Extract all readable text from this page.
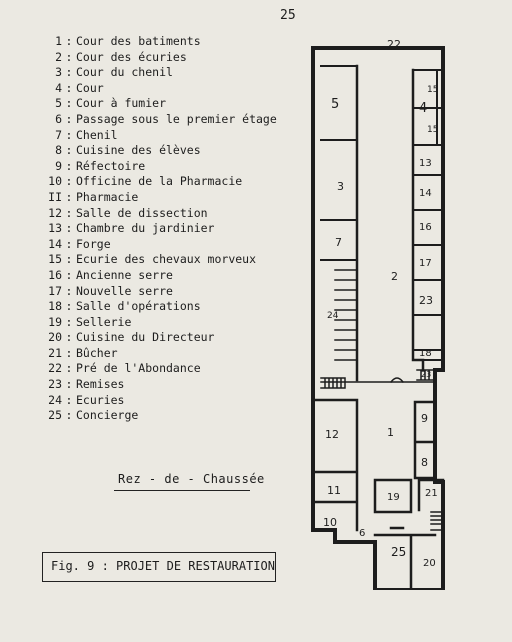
25
1 : Cour des batiments
2 : Cour des écuries
3 : Cour du chenil
4 : Cour
5 : Cour à fumier
6 : Passage sous le premier étage
7 : Chenil
8 : Cuisine des élèves
9 : Réfectoire
10 : Officine de la Pharmacie
II : Pharmacie
12 : Salle de dissection
13 : Chambre du jardinier
14 : Forge
15 : Ecurie des chevaux morveux
16 : Ancienne serre
17 : Nouvelle serre
18 : Salle d'opérations
19 : Sellerie
20 : Cuisine du Directeur
21 : Bûcher
22 : Pré de l'Abondance
23 : Remises
24 : Ecuries
25 : Concierge
22
5
3
4
15
15
13
14
16
17
23
18
23
7
24
2
1
12
9
8
11
10
6
19	21
25
20
Rez - de - Chaussée
Fig. 9 : PROJET DE RESTAURATION
